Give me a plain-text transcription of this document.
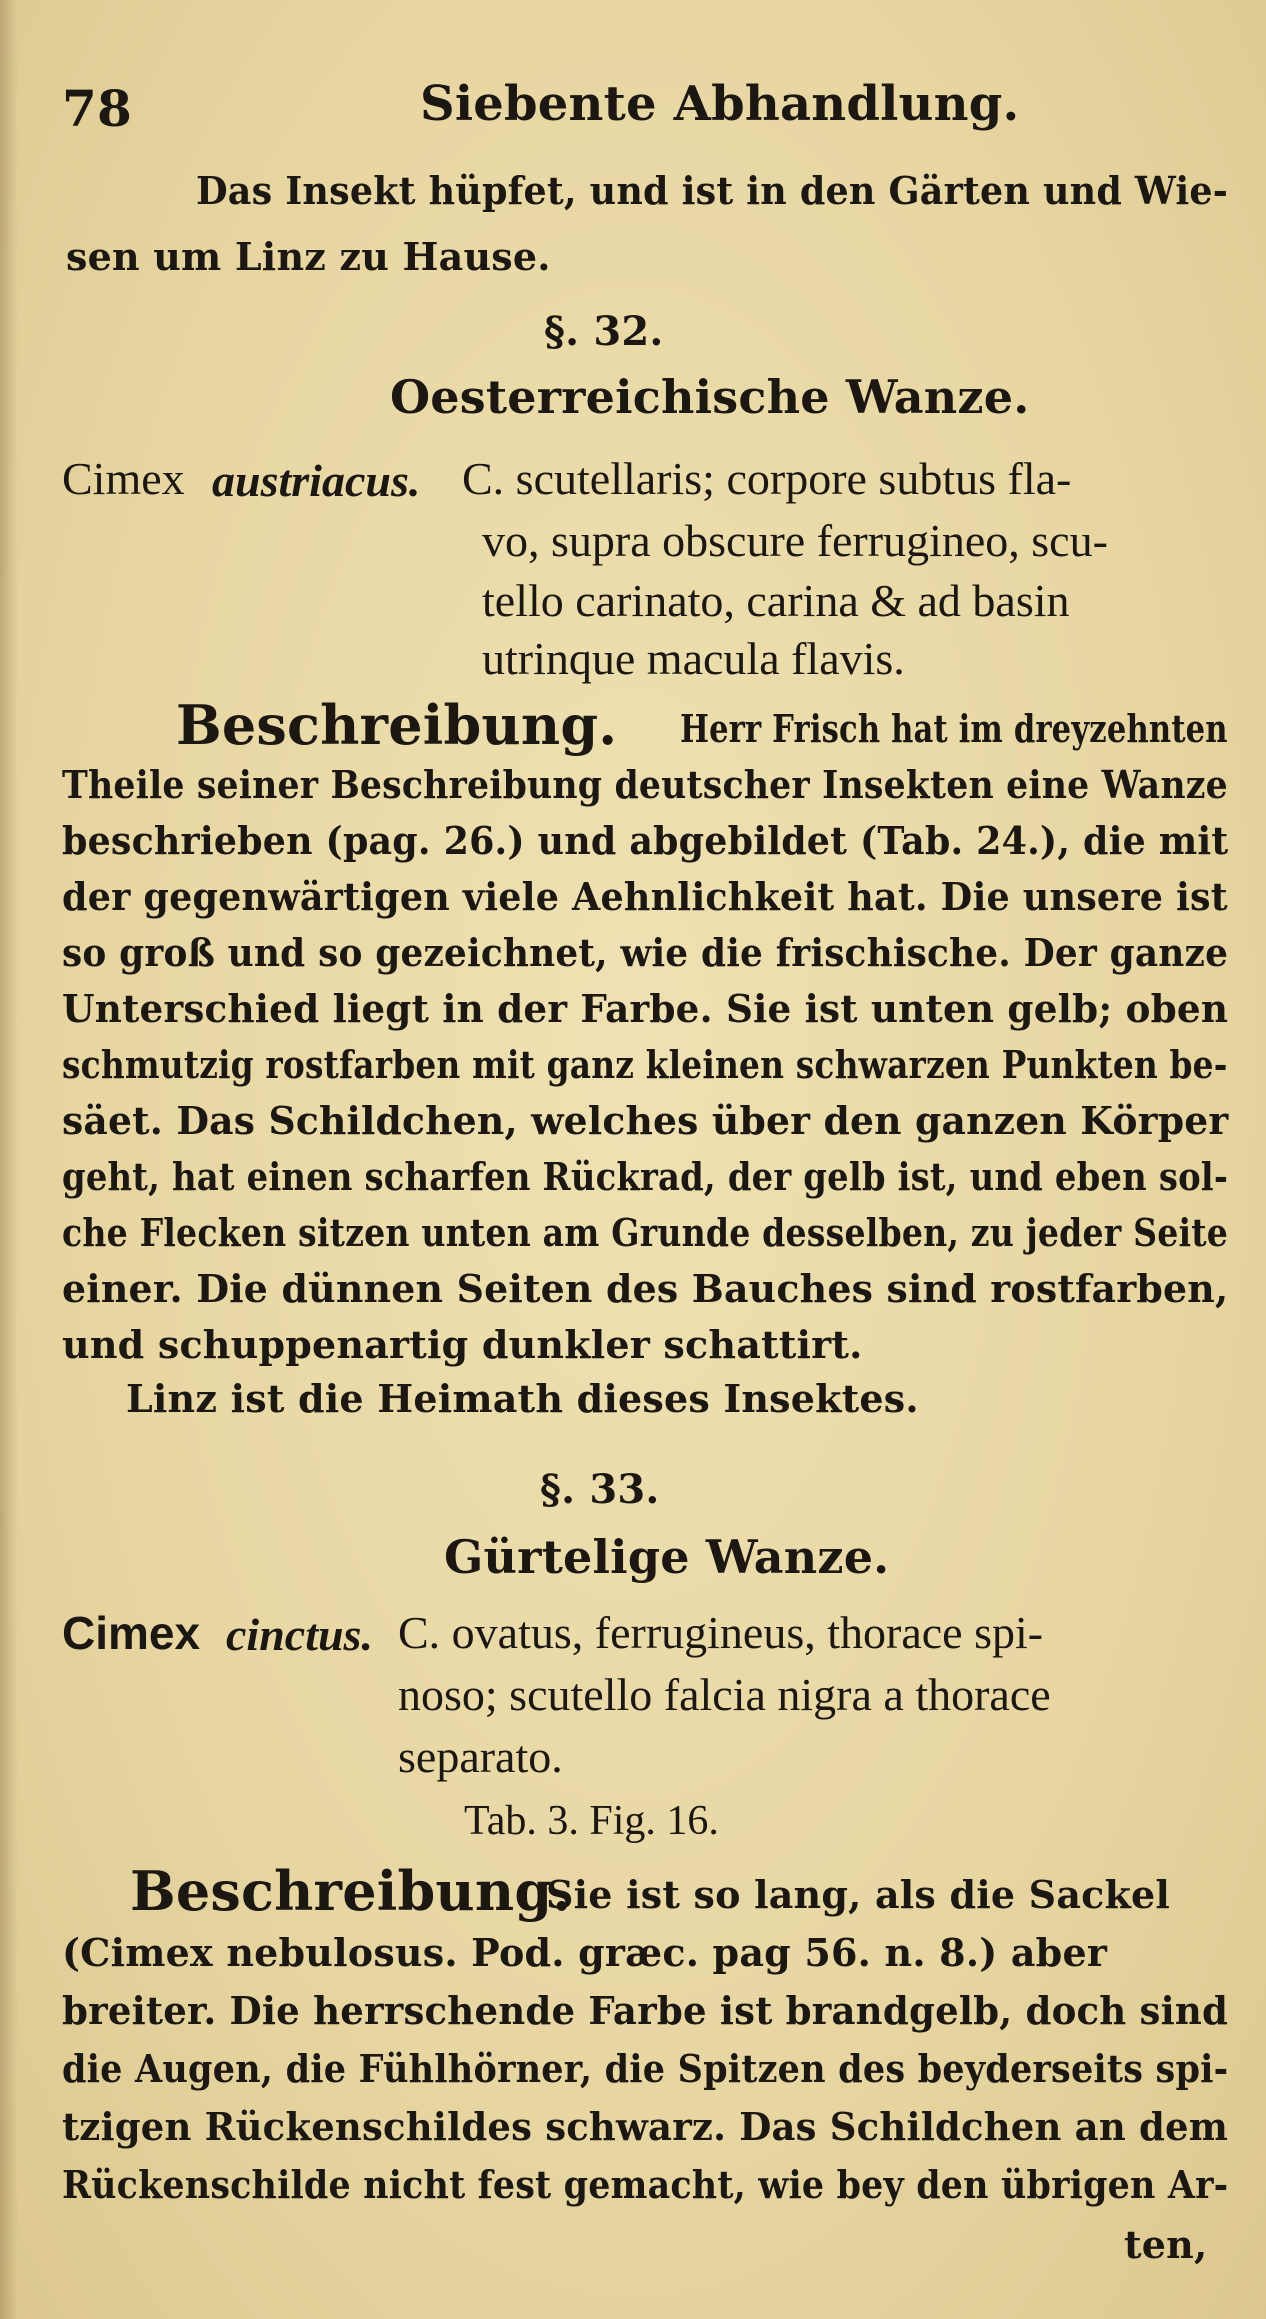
78	Siebente Abhandlung.
Das Insekt hüpfet, und ist in den Gärten und Wie-
sen um Linz zu Hause.
§. 32.
Oesterreichische Wanze.
Cimex austriacus. C. scutellaris; corpore subtus fla-
vo, supra obscure ferrugineo, scu-
tello carinato, carina & ad basin
utrinque macula flavis.
Beschreibung. Herr Frisch hat im dreyzehnten
Theile seiner Beschreibung deutscher Insekten eine Wanze
beschrieben (pag. 26.) und abgebildet (Tab. 24.), die mit
der gegenwärtigen viele Aehnlichkeit hat. Die unsere ist
so groß und so gezeichnet, wie die frischische. Der ganze
Unterschied liegt in der Farbe. Sie ist unten gelb; oben
schmutzig rostfarben mit ganz kleinen schwarzen Punkten be-
säet. Das Schildchen, welches über den ganzen Körper
geht, hat einen scharfen Rückrad, der gelb ist, und eben sol-
che Flecken sitzen unten am Grunde desselben, zu jeder Seite
einer. Die dünnen Seiten des Bauches sind rostfarben,
und schuppenartig dunkler schattirt.
Linz ist die Heimath dieses Insektes.
§. 33.
Gürtelige Wanze.
Cimex cinctus. C. ovatus, ferrugineus, thorace spi-
noso; scutello falcia nigra a thorace
separato.
Tab. 3. Fig. 16.
Beschreibung.
Sie ist so lang, als die Sackel
(Cimex nebulosus. Pod. græc. pag 56. n. 8.) aber
breiter. Die herrschende Farbe ist brandgelb, doch sind
die Augen, die Fühlhörner, die Spitzen des beyderseits spi-
tzigen Rückenschildes schwarz. Das Schildchen an dem
Rückenschilde nicht fest gemacht, wie bey den übrigen Ar-
ten,
